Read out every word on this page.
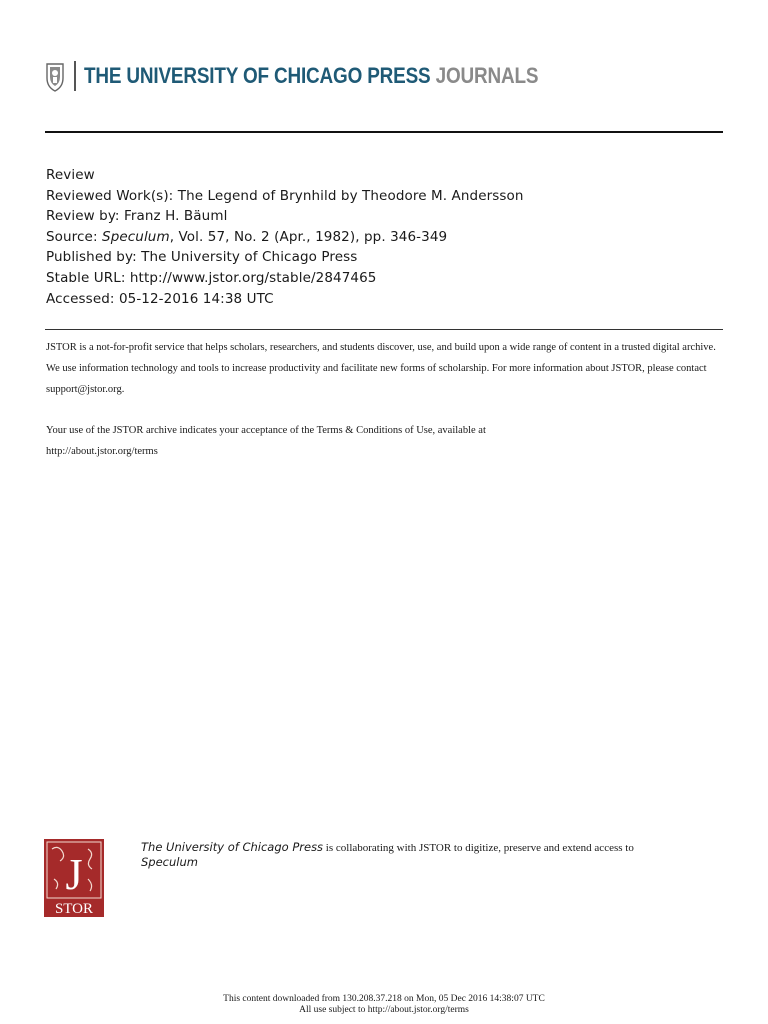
THE UNIVERSITY OF CHICAGO PRESS JOURNALS
Review
Reviewed Work(s): The Legend of Brynhild by Theodore M. Andersson
Review by: Franz H. Bäuml
Source: Speculum, Vol. 57, No. 2 (Apr., 1982), pp. 346-349
Published by: The University of Chicago Press
Stable URL: http://www.jstor.org/stable/2847465
Accessed: 05-12-2016 14:38 UTC

JSTOR is a not-for-profit service that helps scholars, researchers, and students discover, use, and build upon a wide range of content in a trusted digital archive. We use information technology and tools to increase productivity and facilitate new forms of scholarship. For more information about JSTOR, please contact support@jstor.org.

Your use of the JSTOR archive indicates your acceptance of the Terms & Conditions of Use, available at
http://about.jstor.org/terms

J
STOR
The University of Chicago Press is collaborating with JSTOR to digitize, preserve and extend access to
Speculum
This content downloaded from 130.208.37.218 on Mon, 05 Dec 2016 14:38:07 UTC
All use subject to http://about.jstor.org/terms
